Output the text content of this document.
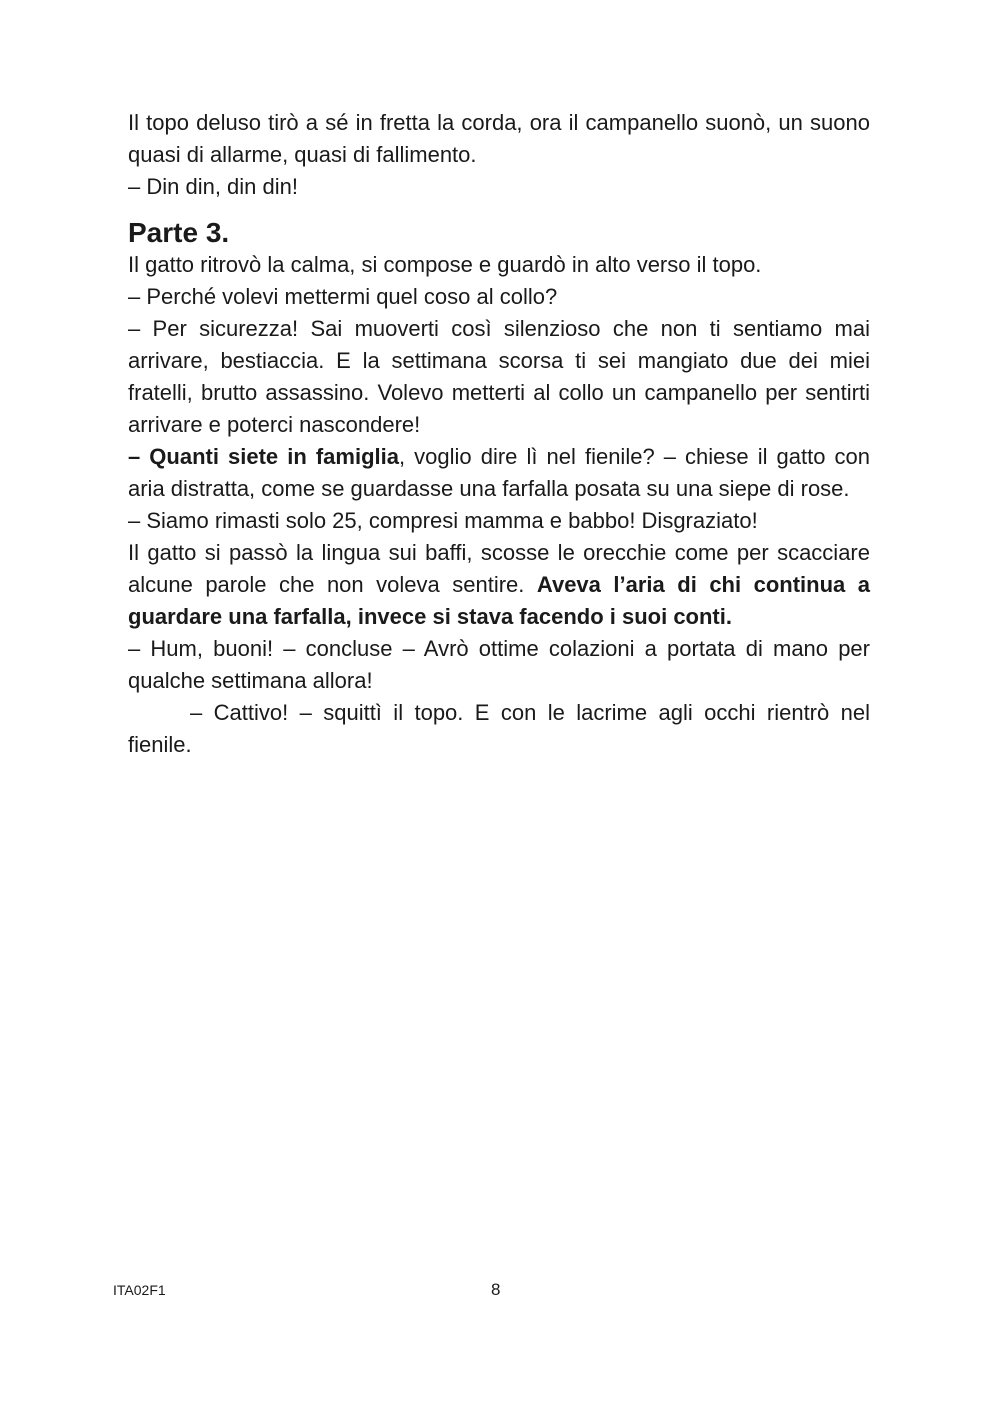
Il topo deluso tirò a sé in fretta la corda, ora il campanello suonò, un suono quasi di allarme, quasi di fallimento.

– Din din, din din!

Parte 3.

Il gatto ritrovò la calma, si compose e guardò in alto verso il topo.

– Perché volevi mettermi quel coso al collo?

– Per sicurezza! Sai muoverti così silenzioso che non ti sentiamo mai arrivare, bestiaccia. E la settimana scorsa ti sei mangiato due dei miei fratelli, brutto assassino. Volevo metterti al collo un campanello per sentirti arrivare e poterci nascondere!

– Quanti siete in famiglia, voglio dire lì nel fienile? – chiese il gatto con aria distratta, come se guardasse una farfalla posata su una siepe di rose.

– Siamo rimasti solo 25, compresi mamma e babbo! Disgraziato!

Il gatto si passò la lingua sui baffi, scosse le orecchie come per scacciare alcune parole che non voleva sentire. Aveva l’aria di chi continua a guardare una farfalla, invece si stava facendo i suoi conti.

– Hum, buoni! – concluse – Avrò ottime colazioni a portata di mano per qualche settimana allora!

– Cattivo! – squittì il topo. E con le lacrime agli occhi rientrò nel fienile.

ITA02F1	8
